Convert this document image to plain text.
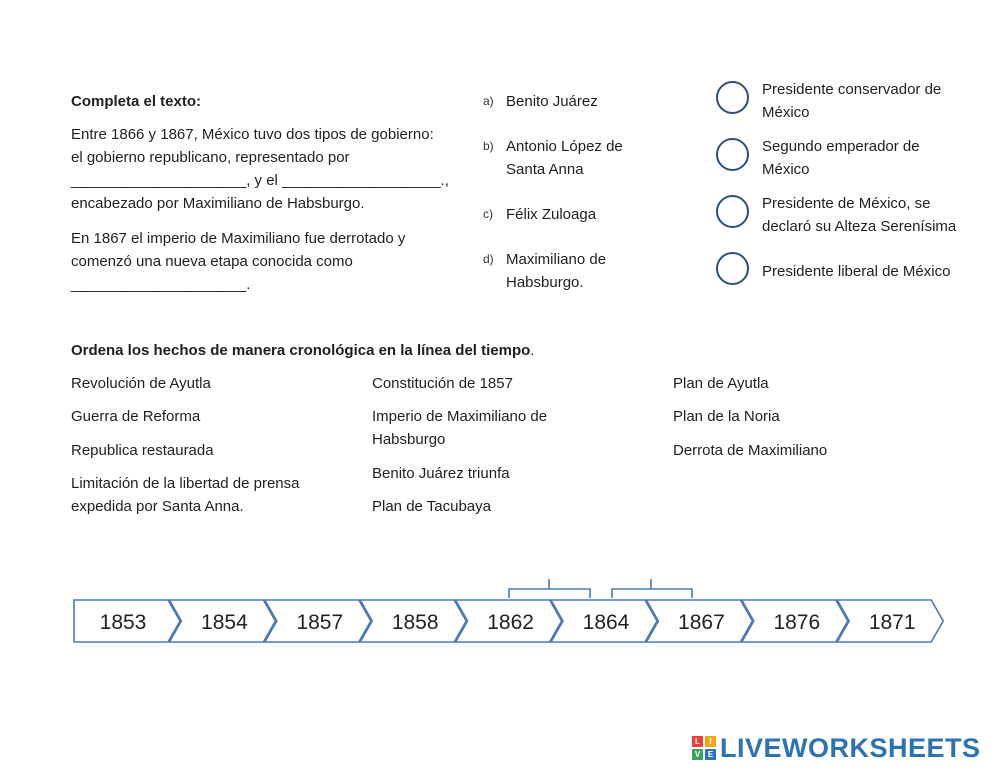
Completa el texto:
Entre 1866 y 1867, México tuvo dos tipos de gobierno:
el gobierno republicano, representado por
_____________________, y el ___________________.,
encabezado por Maximiliano de Habsburgo.
En 1867 el imperio de Maximiliano fue derrotado y
comenzó una nueva etapa conocida como
_____________________.
a) Benito Juárez
b) Antonio López de
Santa Anna
c) Félix Zuloaga
d) Maximiliano de
Habsburgo.
Presidente conservador de
México
Segundo emperador de
México
Presidente de México, se
declaró su Alteza Serenísima
Presidente liberal de México
Ordena los hechos de manera cronológica en la línea del tiempo.
Revolución de Ayutla
Guerra de Reforma
Republica restaurada
Limitación de la libertad de prensa
expedida por Santa Anna.
Constitución de 1857
Imperio de Maximiliano de
Habsburgo
Benito Juárez triunfa
Plan de Tacubaya
Plan de Ayutla
Plan de la Noria
Derrota de Maximiliano
1853	1854 1857 1858 1862 1864 1867 1876 1871
L	I
V E LIVEWORKSHEETS
